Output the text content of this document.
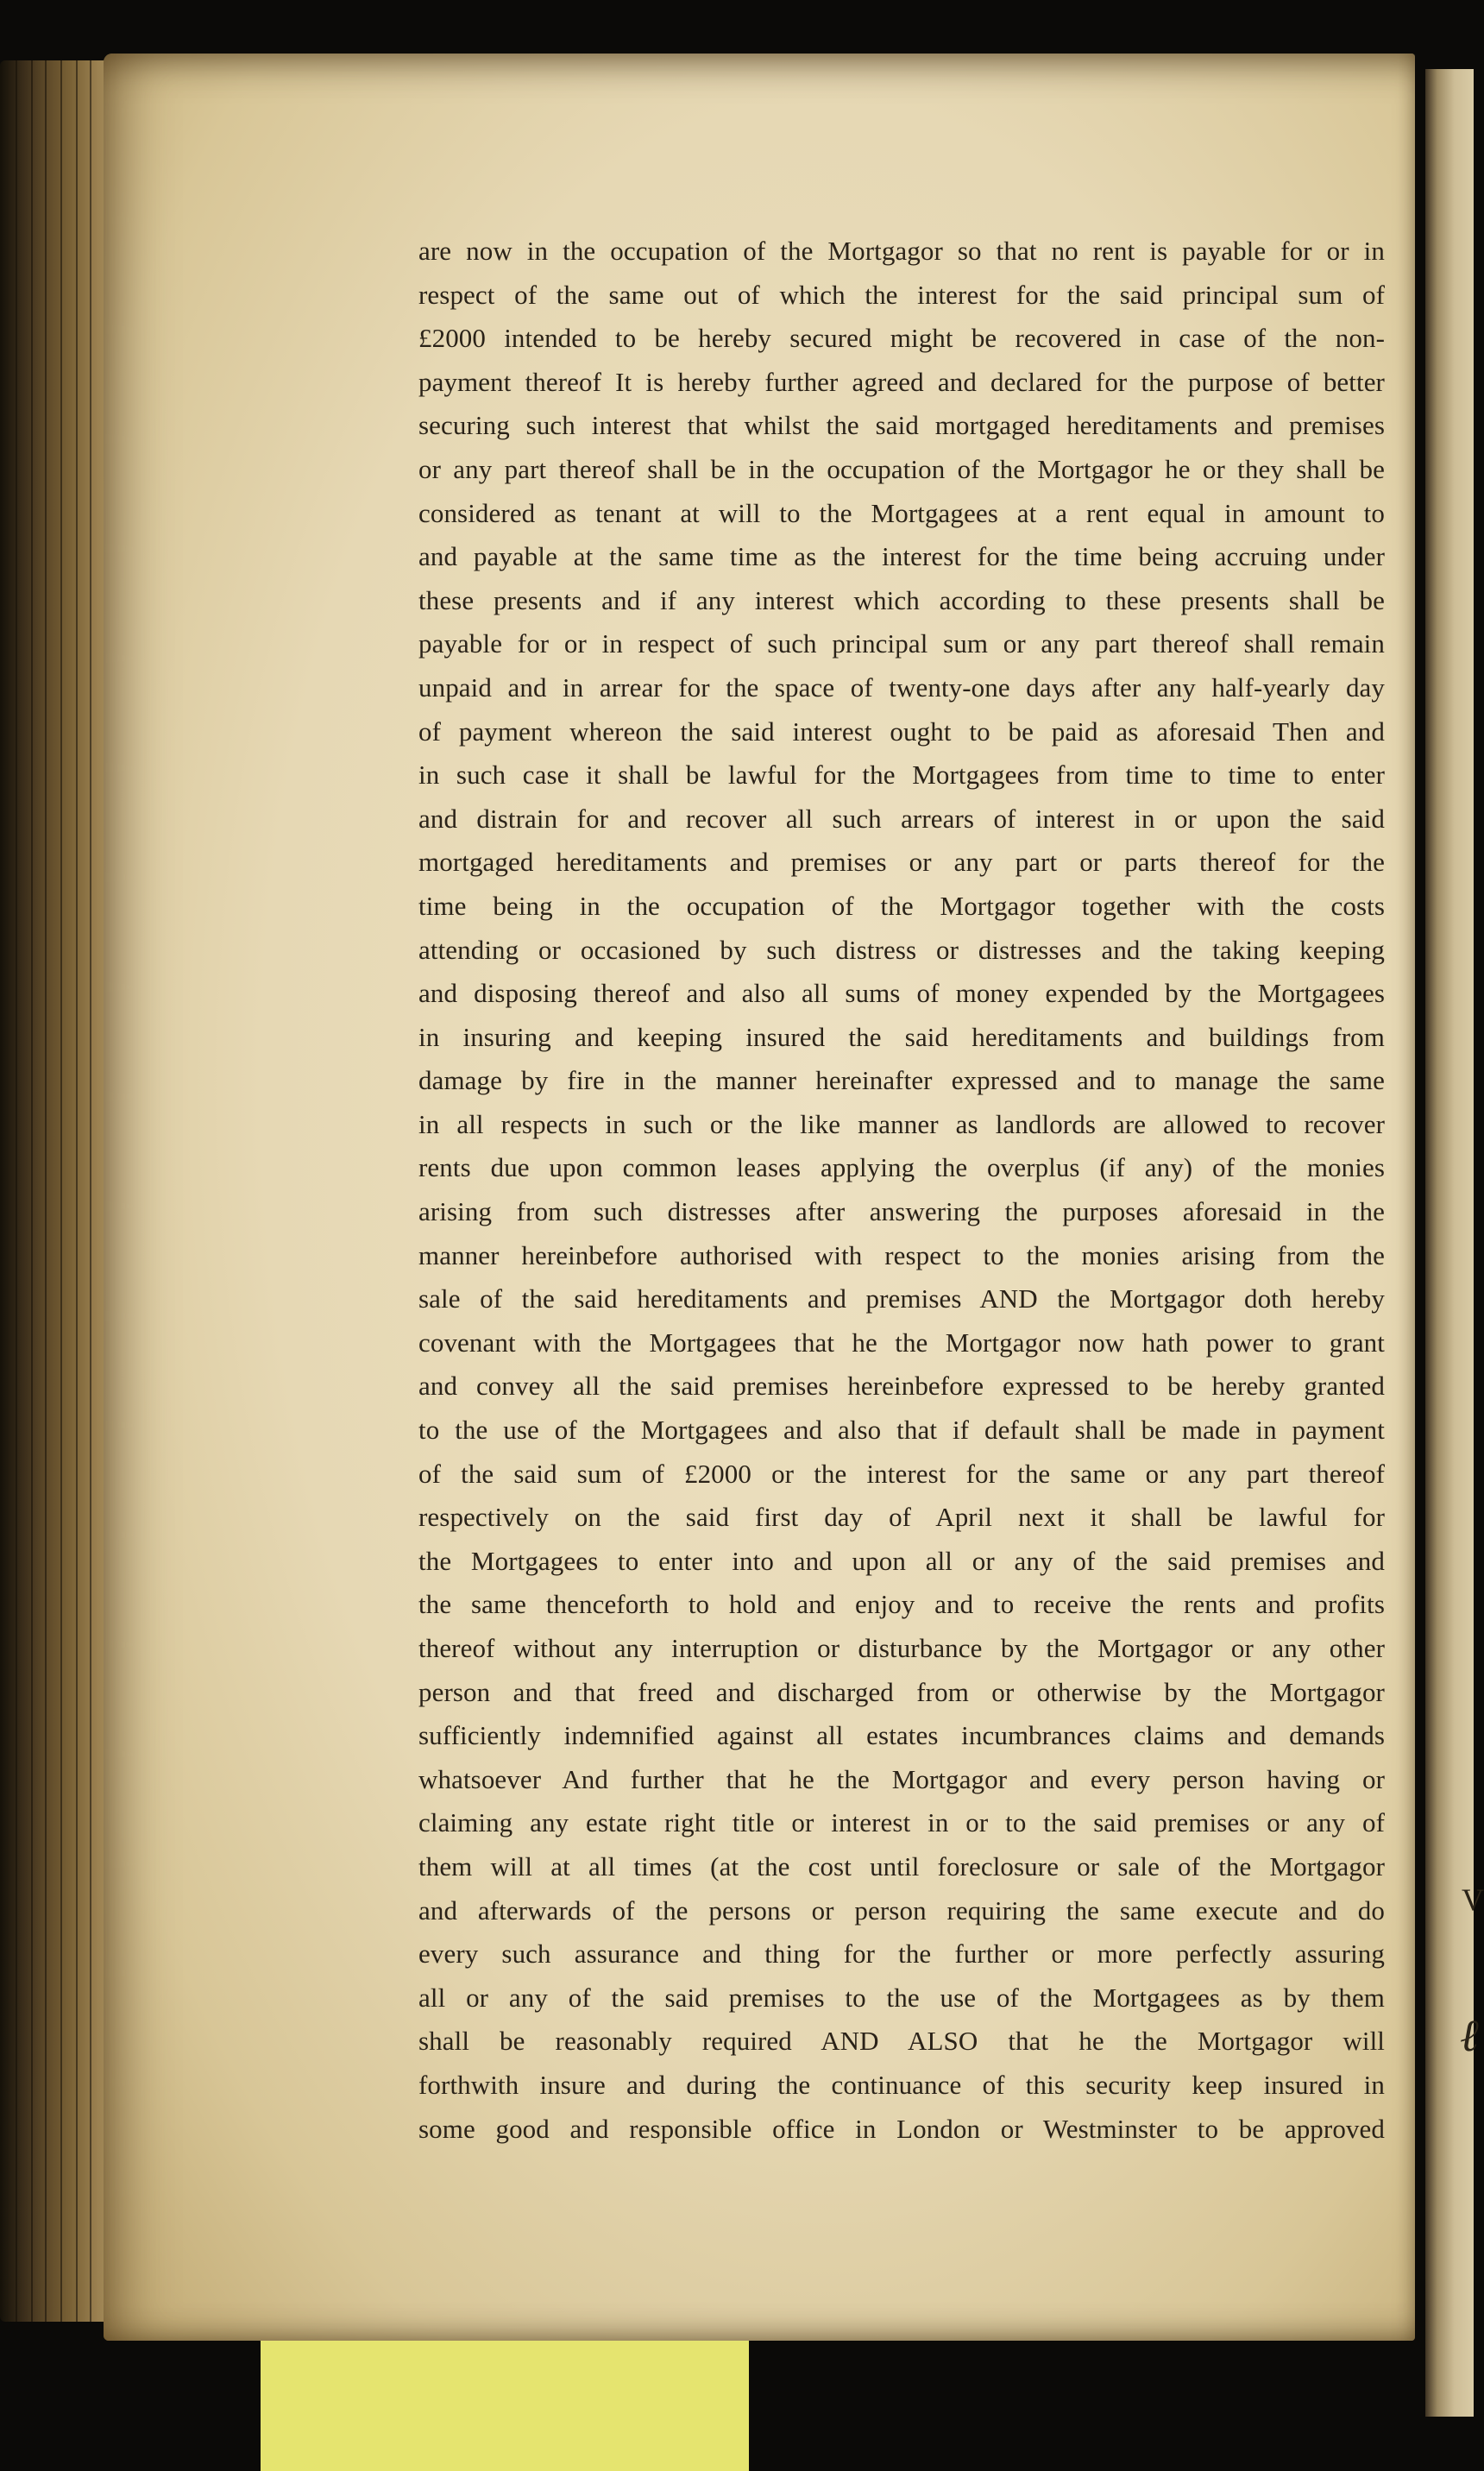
V
ℓ
are now in the occupation of the Mortgagor so that no rent is payable for or in
respect of the same out of which the interest for the said principal sum of
£2000 intended to be hereby secured might be recovered in case of the non-
payment thereof It is hereby further agreed and declared for the purpose of better
securing such interest that whilst the said mortgaged hereditaments and premises
or any part thereof shall be in the occupation of the Mortgagor he or they shall be
considered as tenant at will to the Mortgagees at a rent equal in amount to
and payable at the same time as the interest for the time being accruing under
these presents and if any interest which according to these presents shall be
payable for or in respect of such principal sum or any part thereof shall remain
unpaid and in arrear for the space of twenty-one days after any half-yearly day
of payment whereon the said interest ought to be paid as aforesaid Then and
in such case it shall be lawful for the Mortgagees from time to time to enter
and distrain for and recover all such arrears of interest in or upon the said
mortgaged hereditaments and premises or any part or parts thereof for the
time being in the occupation of the Mortgagor together with the costs
attending or occasioned by such distress or distresses and the taking keeping
and disposing thereof and also all sums of money expended by the Mortgagees
in insuring and keeping insured the said hereditaments and buildings from
damage by fire in the manner hereinafter expressed and to manage the same
in all respects in such or the like manner as landlords are allowed to recover
rents due upon common leases applying the overplus (if any) of the monies
arising from such distresses after answering the purposes aforesaid in the
manner hereinbefore authorised with respect to the monies arising from the
sale of the said hereditaments and premises AND the Mortgagor doth hereby
covenant with the Mortgagees that he the Mortgagor now hath power to grant
and convey all the said premises hereinbefore expressed to be hereby granted
to the use of the Mortgagees and also that if default shall be made in payment
of the said sum of £2000 or the interest for the same or any part thereof
respectively on the said first day of April next it shall be lawful for
the Mortgagees to enter into and upon all or any of the said premises and
the same thenceforth to hold and enjoy and to receive the rents and profits
thereof without any interruption or disturbance by the Mortgagor or any other
person and that freed and discharged from or otherwise by the Mortgagor
sufficiently indemnified against all estates incumbrances claims and demands
whatsoever And further that he the Mortgagor and every person having or
claiming any estate right title or interest in or to the said premises or any of
them will at all times (at the cost until foreclosure or sale of the Mortgagor
and afterwards of the persons or person requiring the same execute and do
every such assurance and thing for the further or more perfectly assuring
all or any of the said premises to the use of the Mortgagees as by them
shall be reasonably required AND ALSO that he the Mortgagor will
forthwith insure and during the continuance of this security keep insured in
some good and responsible office in London or Westminster to be approved
